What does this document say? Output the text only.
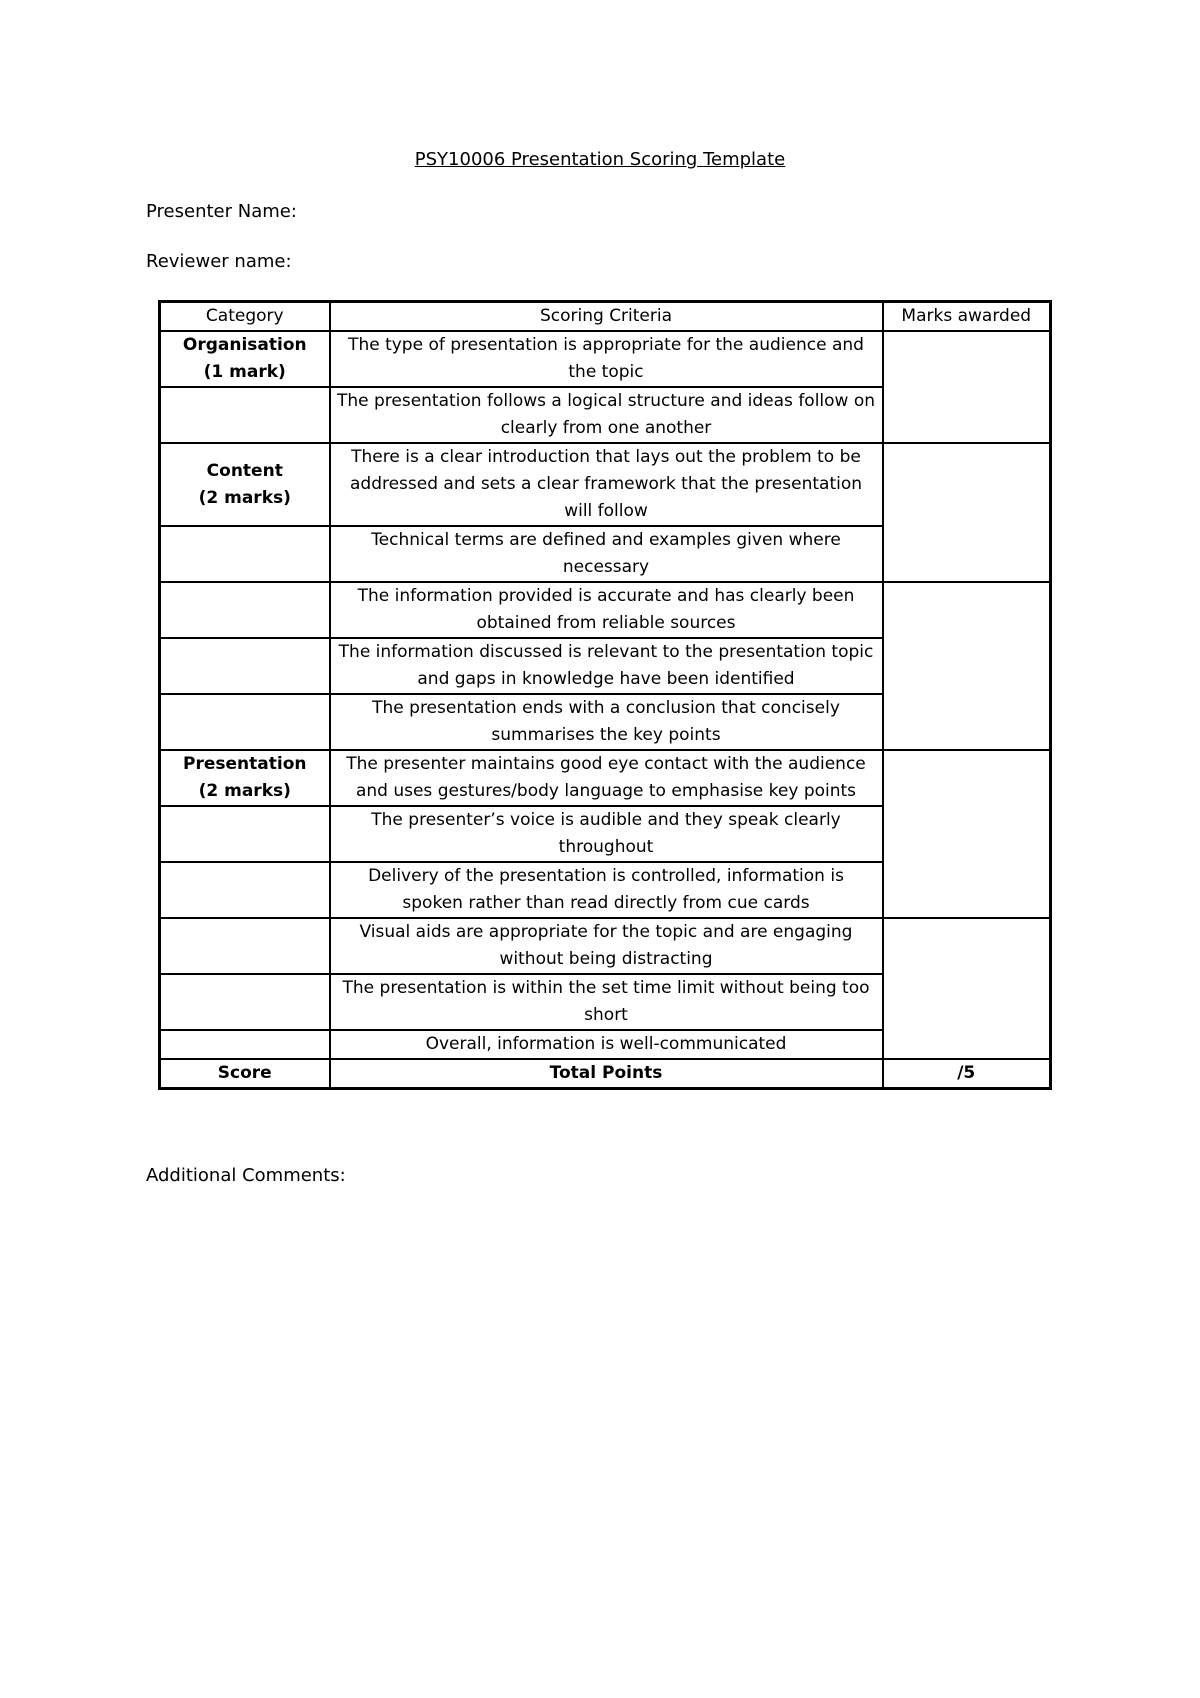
PSY10006 Presentation Scoring Template
Presenter Name:
Reviewer name:
Category	Scoring Criteria	Marks awarded

Organisation
(1 mark)	The type of presentation is appropriate for the audience and the topic	
	The presentation follows a logical structure and ideas follow on clearly from one another	

Content
(2 marks)	There is a clear introduction that lays out the problem to be addressed and sets a clear framework that the presentation will follow	
	Technical terms are defined and examples given where necessary	
	The information provided is accurate and has clearly been obtained from reliable sources	
	The information discussed is relevant to the presentation topic and gaps in knowledge have been identified	
	The presentation ends with a conclusion that concisely summarises the key points	

Presentation
(2 marks)	The presenter maintains good eye contact with the audience and uses gestures/body language to emphasise key points	
	The presenter’s voice is audible and they speak clearly throughout	
	Delivery of the presentation is controlled, information is spoken rather than read directly from cue cards	
	Visual aids are appropriate for the topic and are engaging without being distracting	
	The presentation is within the set time limit without being too short	
	Overall, information is well-communicated	
Score	Total Points	/5
Additional Comments:
